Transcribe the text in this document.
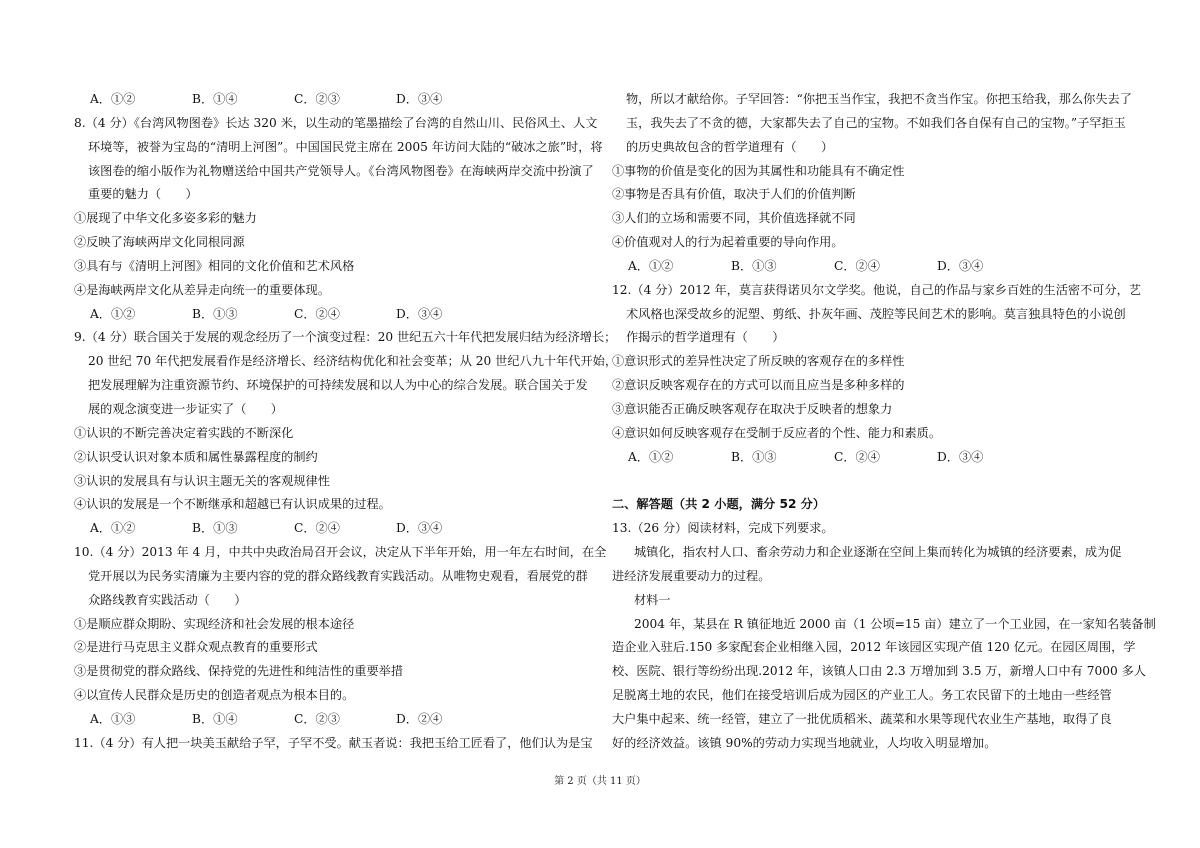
A．①②	B．①④	C．②③	D．③④
8.（4 分）《台湾风物图卷》长达 320 米，以生动的笔墨描绘了台湾的自然山川、民俗风土、人文
环境等，被誉为宝岛的“清明上河图”。中国国民党主席在 2005 年访问大陆的“破冰之旅”时，将
该图卷的缩小版作为礼物赠送给中国共产党领导人。《台湾风物图卷》在海峡两岸交流中扮演了
重要的魅力（　　）
①展现了中华文化多姿多彩的魅力
②反映了海峡两岸文化同根同源
③具有与《清明上河图》相同的文化价值和艺术风格
④是海峡两岸文化从差异走向统一的重要体现。
A．①②	B．①③	C．②④	D．③④
9.（4 分）联合国关于发展的观念经历了一个演变过程：20 世纪五六十年代把发展归结为经济增长；
20 世纪 70 年代把发展看作是经济增长、经济结构优化和社会变革；从 20 世纪八九十年代开始，
把发展理解为注重资源节约、环境保护的可持续发展和以人为中心的综合发展。联合国关于发
展的观念演变进一步证实了（　　）
①认识的不断完善决定着实践的不断深化
②认识受认识对象本质和属性暴露程度的制约
③认识的发展具有与认识主题无关的客观规律性
④认识的发展是一个不断继承和超越已有认识成果的过程。
A．①②	B．①③	C．②④	D．③④
10.（4 分）2013 年 4 月，中共中央政治局召开会议，决定从下半年开始，用一年左右时间，在全
党开展以为民务实清廉为主要内容的党的群众路线教育实践活动。从唯物史观看，看展党的群
众路线教育实践活动（　　）
①是顺应群众期盼、实现经济和社会发展的根本途径
②是进行马克思主义群众观点教育的重要形式
③是贯彻党的群众路线、保持党的先进性和纯洁性的重要举措
④以宣传人民群众是历史的创造者观点为根本目的。
A．①③	B．①④	C．②③	D．②④
11.（4 分）有人把一块美玉献给子罕，子罕不受。献玉者说：我把玉给工匠看了，他们认为是宝
物，所以才献给你。子罕回答：“你把玉当作宝，我把不贪当作宝。你把玉给我，那么你失去了
玉，我失去了不贪的德，大家都失去了自己的宝物。不如我们各自保有自己的宝物。”子罕拒玉
的历史典故包含的哲学道理有（　　）
①事物的价值是变化的因为其属性和功能具有不确定性
②事物是否具有价值，取决于人们的价值判断
③人们的立场和需要不同，其价值选择就不同
④价值观对人的行为起着重要的导向作用。
A．①②	B．①③	C．②④	D．③④
12.（4 分）2012 年，莫言获得诺贝尔文学奖。他说，自己的作品与家乡百姓的生活密不可分，艺
术风格也深受故乡的泥塑、剪纸、扑灰年画、茂腔等民间艺术的影响。莫言独具特色的小说创
作揭示的哲学道理有（　　）
①意识形式的差异性决定了所反映的客观存在的多样性
②意识反映客观存在的方式可以而且应当是多种多样的
③意识能否正确反映客观存在取决于反映者的想象力
④意识如何反映客观存在受制于反应者的个性、能力和素质。
A．①②	B．①③	C．②④	D．③④
二、解答题（共 2 小题，满分 52 分）
13.（26 分）阅读材料，完成下列要求。
城镇化，指农村人口、畜余劳动力和企业逐渐在空间上集而转化为城镇的经济要素，成为促
进经济发展重要动力的过程。
材料一
2004 年，某县在 R 镇征地近 2000 亩（1 公顷=15 亩）建立了一个工业园，在一家知名装备制
造企业入驻后.150 多家配套企业相继入园，2012 年该园区实现产值 120 亿元。在园区周围，学
校、医院、银行等纷纷出现.2012 年，该镇人口由 2.3 万增加到 3.5 万，新增人口中有 7000 多人
足脱离土地的农民，他们在接受培训后成为园区的产业工人。务工农民留下的土地由一些经管
大户集中起来、统一经管，建立了一批优质稻米、蔬菜和水果等现代农业生产基地，取得了良
好的经济效益。该镇 90%的劳动力实现当地就业，人均收入明显增加。
第 2 页（共 11 页）
